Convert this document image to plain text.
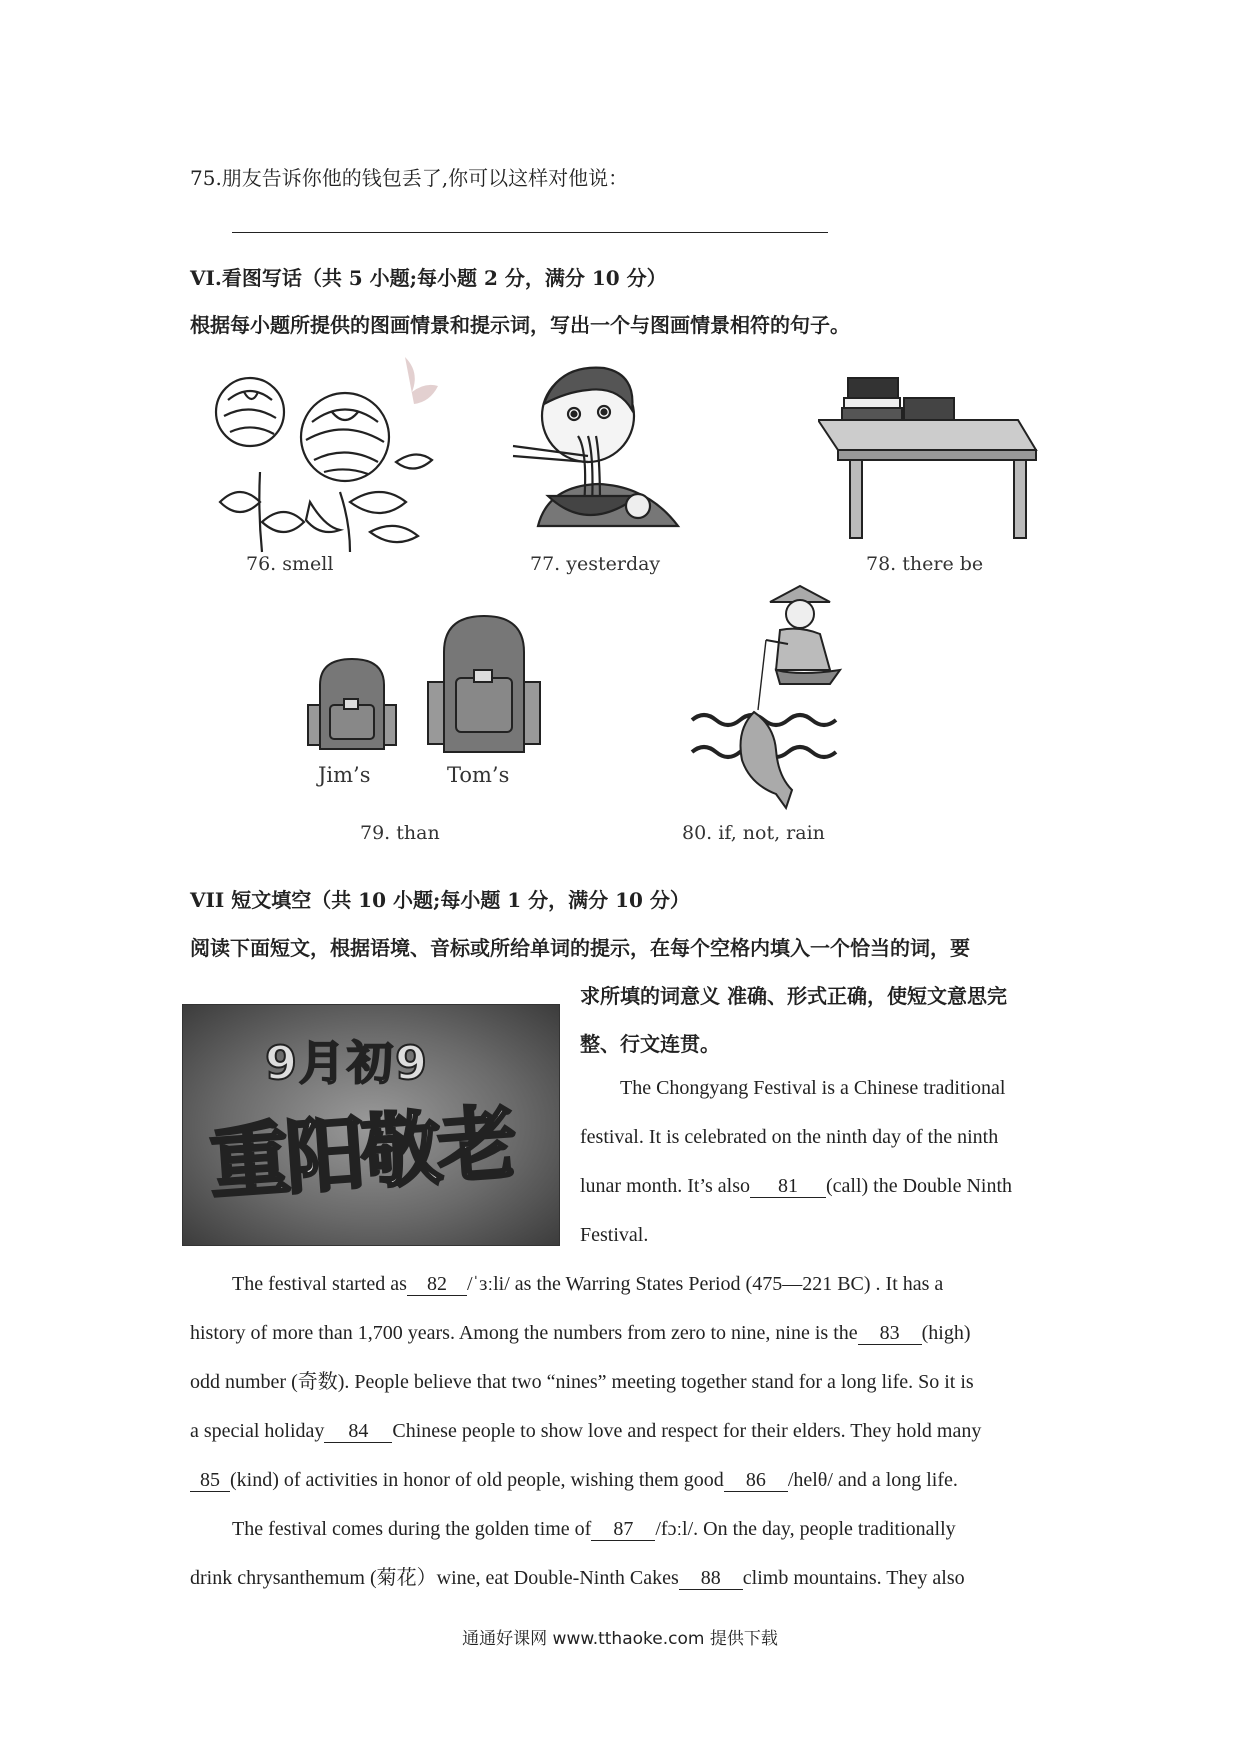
75.朋友告诉你他的钱包丢了,你可以这样对他说：
VI.看图写话（共 5 小题;每小题 2 分，满分 10 分）
根据每小题所提供的图画情景和提示词，写出一个与图画情景相符的句子。
76. smell	77. yesterday	78. there be
Jim’s	Tom’s
79. than	80. if, not, rain
VII 短文填空（共 10 小题;每小题 1 分，满分 10 分）
阅读下面短文，根据语境、音标或所给单词的提示，在每个空格内填入一个恰当的词，要
求所填的词意义 准确、形式正确，使短文意思完
整、行文连贯。
9月初9
重阳敬老
The Chongyang Festival is a Chinese traditional
festival. It is celebrated on the ninth day of the ninth
lunar month. It’s also 81 (call) the Double Ninth
Festival.
The festival started as 82 /ˈɜːli/ as the Warring States Period (475—221 BC) . It has a
history of more than 1,700 years. Among the numbers from zero to nine, nine is the 83 (high)
odd number (奇数). People believe that two “nines” meeting together stand for a long life. So it is
a special holiday 84 Chinese people to show love and respect for their elders. They hold many
85 (kind) of activities in honor of old people, wishing them good 86 /helθ/ and a long life.
The festival comes during the golden time of 87 /fɔːl/. On the day, people traditionally
drink chrysanthemum (菊花）wine, eat Double-Ninth Cakes 88 climb mountains. They also
通通好课网 www.tthaoke.com 提供下载
